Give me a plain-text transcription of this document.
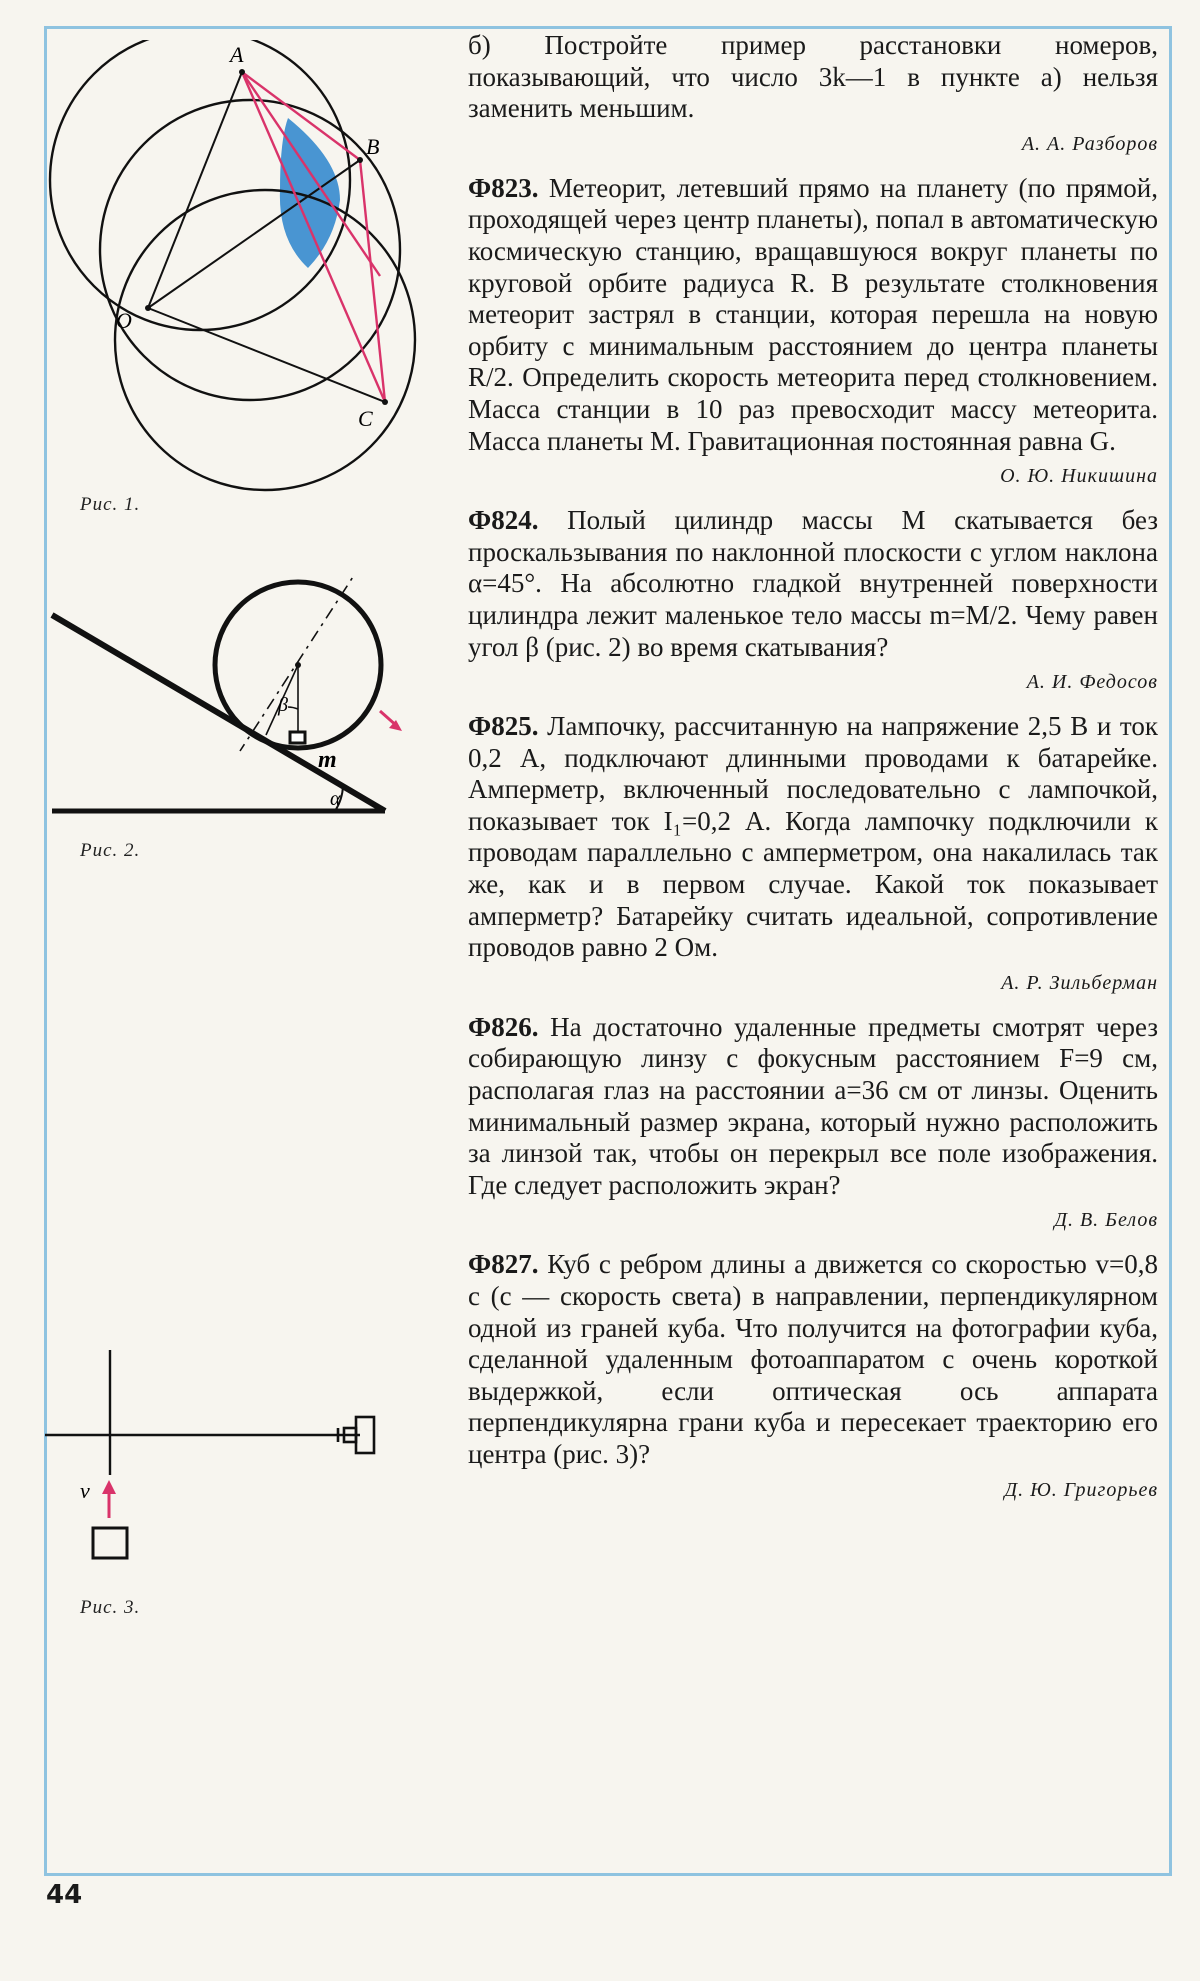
A
B
C
O
Рис. 1.
α
β
m
Рис. 2.
v
Рис. 3.

б) Постройте пример расстановки номеров, показывающий, что число 3k—1 в пункте а) нельзя заменить меньшим.

А. А. Разборов

Ф823. Метеорит, летевший прямо на планету (по прямой, проходящей через центр планеты), попал в автоматическую космическую станцию, вращавшуюся вокруг планеты по круговой орбите радиуса R. В результате столкновения метеорит застрял в станции, которая перешла на новую орбиту с минимальным расстоянием до центра планеты R/2. Определить скорость метеорита перед столкновением. Масса станции в 10 раз превосходит массу метеорита. Масса планеты M. Гравитационная постоянная равна G.

О. Ю. Никишина

Ф824. Полый цилиндр массы M скатывается без проскальзывания по наклонной плоскости с углом наклона α=45°. На абсолютно гладкой внутренней поверхности цилиндра лежит маленькое тело массы m=M/2. Чему равен угол β (рис. 2) во время скатывания?

А. И. Федосов

Ф825. Лампочку, рассчитанную на напряжение 2,5 В и ток 0,2 А, подключают длинными проводами к батарейке. Амперметр, включенный последовательно с лампочкой, показывает ток I₁=0,2 А. Когда лампочку подключили к проводам параллельно с амперметром, она накалилась так же, как и в первом случае. Какой ток показывает амперметр? Батарейку считать идеальной, сопротивление проводов равно 2 Ом.

А. Р. Зильберман

Ф826. На достаточно удаленные предметы смотрят через собирающую линзу с фокусным расстоянием F=9 см, располагая глаз на расстоянии a=36 см от линзы. Оценить минимальный размер экрана, который нужно расположить за линзой так, чтобы он перекрыл все поле изображения. Где следует расположить экран?

Д. В. Белов

Ф827. Куб с ребром длины a движется со скоростью v=0,8 c (c — скорость света) в направлении, перпендикулярном одной из граней куба. Что получится на фотографии куба, сделанной удаленным фотоаппаратом с очень короткой выдержкой, если оптическая ось аппарата перпендикулярна грани куба и пересекает траекторию его центра (рис. 3)?

Д. Ю. Григорьев
44
